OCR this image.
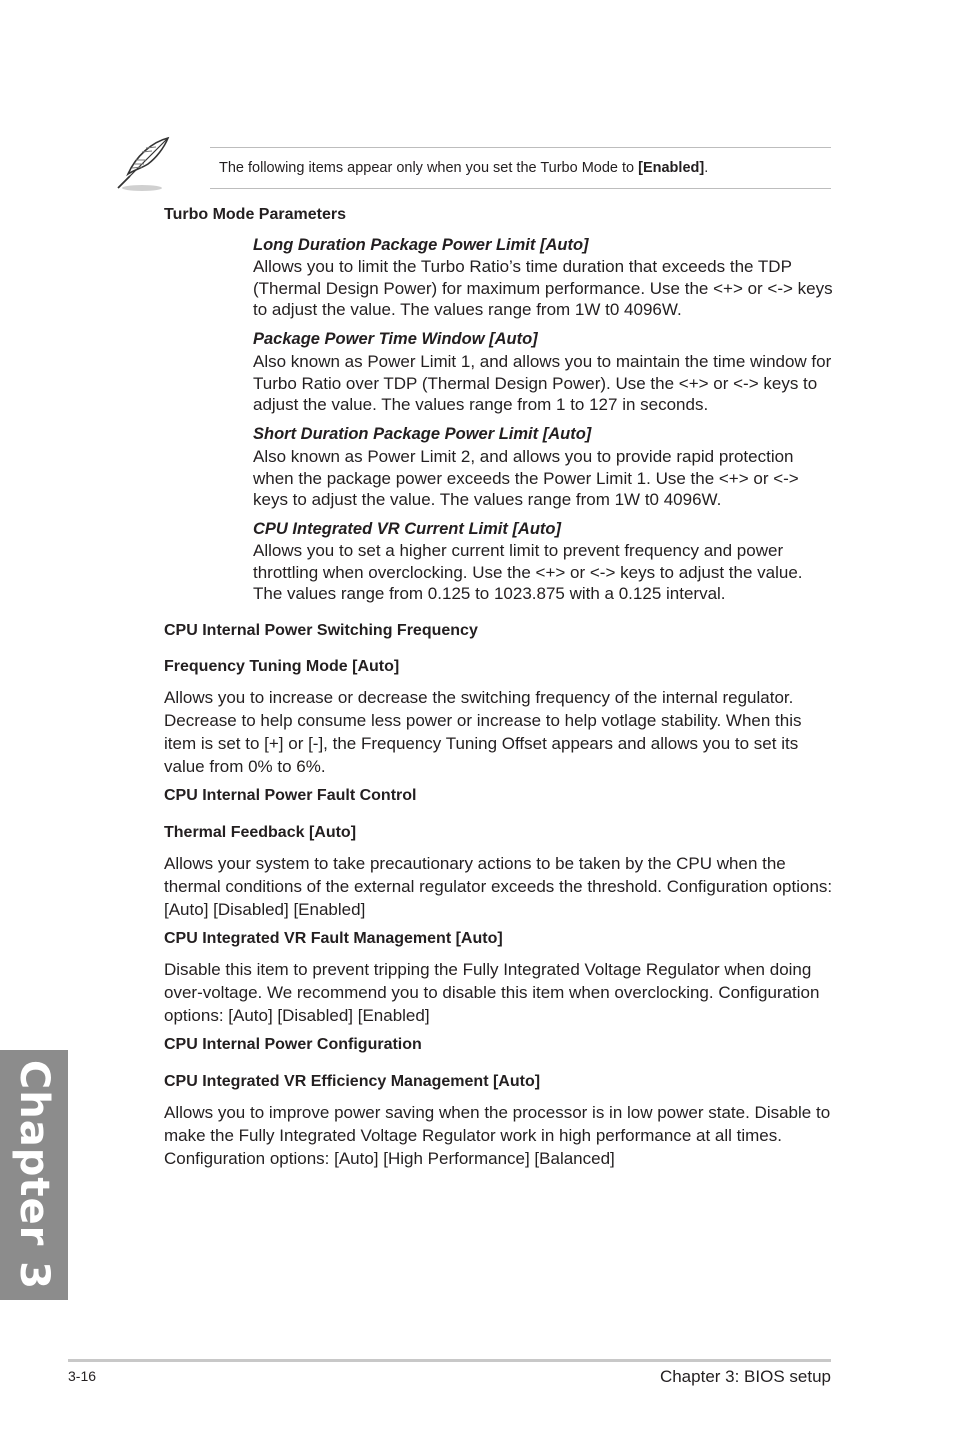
The following items appear only when you set the Turbo Mode to [Enabled].
Turbo Mode Parameters
Long Duration Package Power Limit [Auto]
Allows you to limit the Turbo Ratio’s time duration that exceeds the TDP (Thermal Design Power) for maximum performance. Use the <+> or <-> keys to adjust the value. The values range from 1W t0 4096W.
Package Power Time Window [Auto]
Also known as Power Limit 1, and allows you to maintain the time window for Turbo Ratio over TDP (Thermal Design Power). Use the <+> or <-> keys to adjust the value. The values range from 1 to 127 in seconds.
Short Duration Package Power Limit [Auto]
Also known as Power Limit 2, and allows you to provide rapid protection when the package power exceeds the Power Limit 1. Use the <+> or <-> keys to adjust the value. The values range from 1W t0 4096W.
CPU Integrated VR Current Limit [Auto]
Allows you to set a higher current limit to prevent frequency and power throttling when overclocking. Use the <+> or <-> keys to adjust the value. The values range from 0.125 to 1023.875 with a 0.125 interval.
CPU Internal Power Switching Frequency
Frequency Tuning Mode [Auto]
Allows you to increase or decrease the switching frequency of the internal regulator. Decrease to help consume less power or increase to help votlage stability. When this item is set to [+] or [-], the Frequency Tuning Offset appears and allows you to set its value from 0% to 6%.
CPU Internal Power Fault Control
Thermal Feedback [Auto]
Allows your system to take precautionary actions to be taken by the CPU when the thermal conditions of the external regulator exceeds the threshold. Configuration options: [Auto] [Disabled] [Enabled]
CPU Integrated VR Fault Management [Auto]
Disable this item to prevent tripping the Fully Integrated Voltage Regulator when doing over-voltage. We recommend you to disable this item when overclocking. Configuration options: [Auto] [Disabled] [Enabled]
CPU Internal Power Configuration
CPU Integrated VR Efficiency Management [Auto]
Allows you to improve power saving when the processor is in low power state. Disable to make the Fully Integrated Voltage Regulator work in high performance at all times. Configuration options: [Auto] [High Performance] [Balanced]
Chapter 3
3-16	Chapter 3: BIOS setup
